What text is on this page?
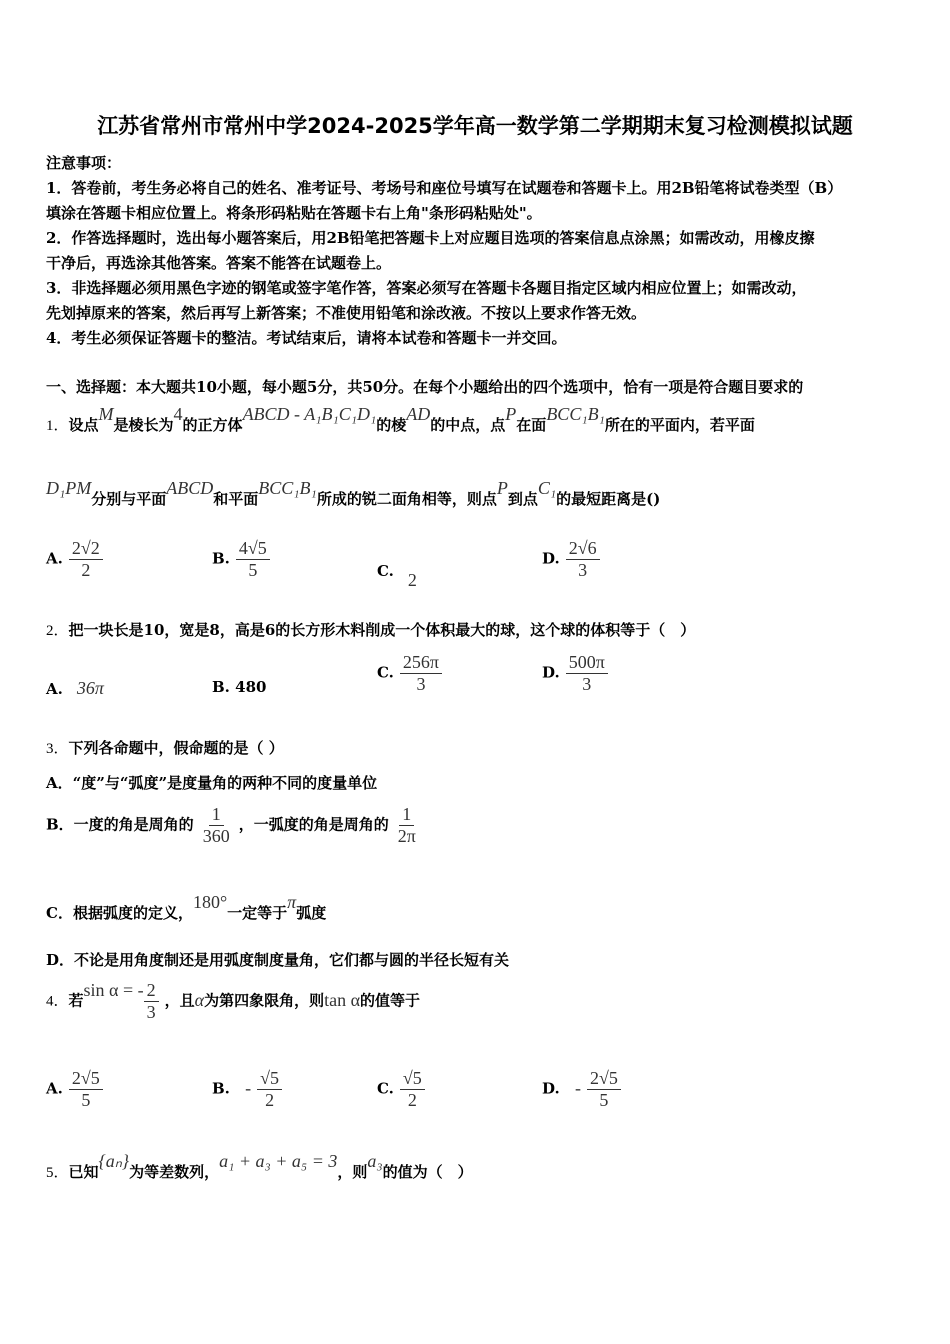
江苏省常州市常州中学2024-2025学年高一数学第二学期期末复习检测模拟试题
注意事项：
1．答卷前，考生务必将自己的姓名、准考证号、考场号和座位号填写在试题卷和答题卡上。用2B铅笔将试卷类型（B）
填涂在答题卡相应位置上。将条形码粘贴在答题卡右上角"条形码粘贴处"。
2．作答选择题时，选出每小题答案后，用2B铅笔把答题卡上对应题目选项的答案信息点涂黑；如需改动，用橡皮擦
干净后，再选涂其他答案。答案不能答在试题卷上。
3．非选择题必须用黑色字迹的钢笔或签字笔作答，答案必须写在答题卡各题目指定区域内相应位置上；如需改动，
先划掉原来的答案，然后再写上新答案；不准使用铅笔和涂改液。不按以上要求作答无效。
4．考生必须保证答题卡的整洁。考试结束后，请将本试卷和答题卡一并交回。
一、选择题：本大题共10小题，每小题5分，共50分。在每个小题给出的四个选项中，恰有一项是符合题目要求的
1．设点M是棱长为4的正方体ABCD - A₁B₁C₁D₁的棱AD的中点，点P在面BCC₁B₁所在的平面内，若平面
D₁PM分别与平面ABCD和平面BCC₁B₁所成的锐二面角相等，则点P到点C₁的最短距离是()
A. $\frac{2√2}{2}$	B. $\frac{4√5}{5}$	C. 2
D. $\frac{2√6}{3}$
2．把一块长是10，宽是8，高是6的长方形木料削成一个体积最大的球，这个球的体积等于（　）
A. 36π	B. 480
C. $\frac{256\pi}{3}$	D. $\frac{500\pi}{3}$
3．下列各命题中，假命题的是（ ）
A．“度”与“弧度”是度量角的两种不同的度量单位
B．一度的角是周角的 $\frac{1}{360}$ ，一弧度的角是周角的 $\frac{1}{2\pi}$
C．根据弧度的定义，180°一定等于π弧度
D．不论是用角度制还是用弧度制度量角，它们都与圆的半径长短有关
4．若sin α = - $\frac{2}{3}$ ，且α为第四象限角，则tan α的值等于
A. $\frac{2√5}{5}$	B. - $\frac{√5}{2}$	C. $\frac{√5}{2}$	D. - $\frac{2√5}{5}$
5．已知{aₙ}为等差数列，a₁ + a₃ + a₅ = 3，则a₃的值为（　）
